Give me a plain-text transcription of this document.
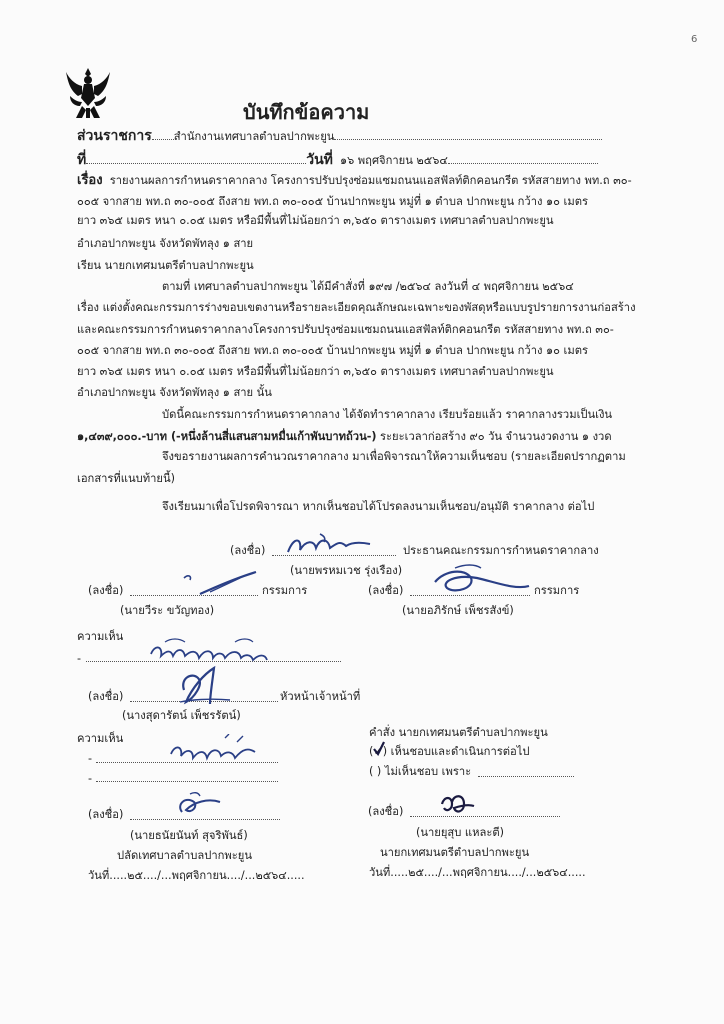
6
บันทึกข้อความ
ส่วนราชการ สำนักงานเทศบาลตำบลปากพะยูน
ที่	วันที่ ๑๖ พฤศจิกายน ๒๕๖๔
เรื่อง รายงานผลการกำหนดราคากลาง โครงการปรับปรุงซ่อมแซมถนนแอสฟัลท์ติกคอนกรีต รหัสสายทาง พท.ถ ๓๐-
๐๐๕ จากสาย พท.ถ ๓๐-๐๐๕ ถึงสาย พท.ถ ๓๐-๐๐๕ บ้านปากพะยูน หมู่ที่ ๑ ตำบล ปากพะยูน กว้าง ๑๐ เมตร
ยาว ๓๖๕ เมตร หนา ๐.๐๕ เมตร หรือมีพื้นที่ไม่น้อยกว่า ๓,๖๕๐ ตารางเมตร เทศบาลตำบลปากพะยูน
อำเภอปากพะยูน จังหวัดพัทลุง ๑ สาย
เรียน นายกเทศมนตรีตำบลปากพะยูน
ตามที่ เทศบาลตำบลปากพะยูน ได้มีคำสั่งที่ ๑๙๗ /๒๕๖๔ ลงวันที่ ๔ พฤศจิกายน ๒๕๖๔
เรื่อง แต่งตั้งคณะกรรมการร่างขอบเขตงานหรือรายละเอียดคุณลักษณะเฉพาะของพัสดุหรือแบบรูปรายการงานก่อสร้าง
และคณะกรรมการกำหนดราคากลางโครงการปรับปรุงซ่อมแซมถนนแอสฟัลท์ติกคอนกรีต รหัสสายทาง พท.ถ ๓๐-
๐๐๕ จากสาย พท.ถ ๓๐-๐๐๕ ถึงสาย พท.ถ ๓๐-๐๐๕ บ้านปากพะยูน หมู่ที่ ๑ ตำบล ปากพะยูน กว้าง ๑๐ เมตร
ยาว ๓๖๕ เมตร หนา ๐.๐๕ เมตร หรือมีพื้นที่ไม่น้อยกว่า ๓,๖๕๐ ตารางเมตร เทศบาลตำบลปากพะยูน
อำเภอปากพะยูน จังหวัดพัทลุง ๑ สาย นั้น
บัดนี้คณะกรรมการกำหนดราคากลาง ได้จัดทำราคากลาง เรียบร้อยแล้ว ราคากลางรวมเป็นเงิน
๑,๔๓๙,๐๐๐.-บาท (-หนึ่งล้านสี่แสนสามหมื่นเก้าพันบาทถ้วน-) ระยะเวลาก่อสร้าง ๙๐ วัน จำนวนงวดงาน ๑ งวด
จึงขอรายงานผลการคำนวณราคากลาง มาเพื่อพิจารณาให้ความเห็นชอบ (รายละเอียดปรากฏตาม
เอกสารที่แนบท้ายนี้)
จึงเรียนมาเพื่อโปรดพิจารณา หากเห็นชอบได้โปรดลงนามเห็นชอบ/อนุมัติ ราคากลาง ต่อไป
(ลงชื่อ)	ประธานคณะกรรมการกำหนดราคากลาง
(นายพรหมเวช รุ่งเรือง)
(ลงชื่อ)	กรรมการ
(นายวีระ ขวัญทอง)
(ลงชื่อ)	กรรมการ
(นายอภิรักษ์ เพ็ชรสังข์)
ความเห็น
-
(ลงชื่อ)	หัวหน้าเจ้าหน้าที่
(นางสุดารัตน์ เพ็ชรรัตน์)
ความเห็น
-
-
คำสั่ง นายกเทศมนตรีตำบลปากพะยูน
(✓) เห็นชอบและดำเนินการต่อไป
( ) ไม่เห็นชอบ เพราะ
(ลงชื่อ)
(นายธนัยนันท์ สุจริพันธ์)
ปลัดเทศบาลตำบลปากพะยูน
วันที่.....๒๕..../...พฤศจิกายน..../...๒๕๖๔.....
(ลงชื่อ)
(นายยุสุบ แหละตี)
นายกเทศมนตรีตำบลปากพะยูน
วันที่.....๒๕..../...พฤศจิกายน..../...๒๕๖๔.....
